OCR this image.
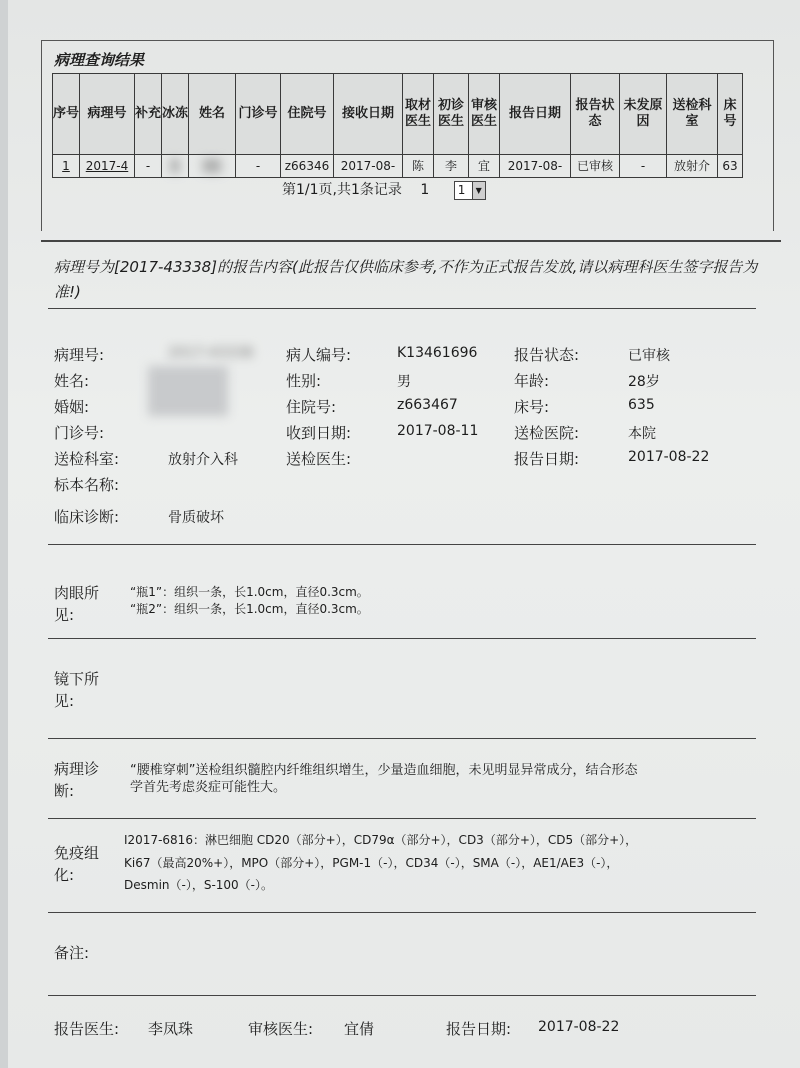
病理查询结果
序号	病理号	补充	冰冻	姓名	门诊号	住院号	接收日期	取材医生	初诊医生	审核医生	报告日期	报告状态	未发原因	送检科室	床号
1	2017-4	-	▒	▒▒	-	z66346	2017-08-	陈	李	宜	2017-08-	已审核	-	放射介	63
第1/1页,共1条记录 1 1	▼
病理号为[2017-43338]的报告内容(此报告仅供临床参考,不作为正式报告发放,请以病理科医生签字报告为准!)
病理号:	2017-43338 病人编号:	K13461696 报告状态:	已审核
姓名:	性别:	男	年龄:	28岁
婚姻:	住院号:	z663467	床号:	635
门诊号:	收到日期:	2017-08-11 送检医院:	本院
送检科室:	放射介入科	送检医生:	报告日期:	2017-08-22
标本名称:
临床诊断:	骨质破坏
肉眼所见:
“瓶1”：组织一条，长1.0cm，直径0.3cm。
“瓶2”：组织一条，长1.0cm，直径0.3cm。
镜下所见:
病理诊断:
“腰椎穿刺”送检组织髓腔内纤维组织增生，少量造血细胞，未见明显异常成分，结合形态
学首先考虑炎症可能性大。
免疫组化:
I2017-6816：淋巴细胞 CD20（部分+），CD79α（部分+），CD3（部分+），CD5（部分+），
Ki67（最高20%+），MPO（部分+），PGM-1（-），CD34（-），SMA（-），AE1/AE3（-），
Desmin（-），S-100（-）。
备注:
报告医生: 李凤珠	审核医生: 宜倩	报告日期: 2017-08-22
